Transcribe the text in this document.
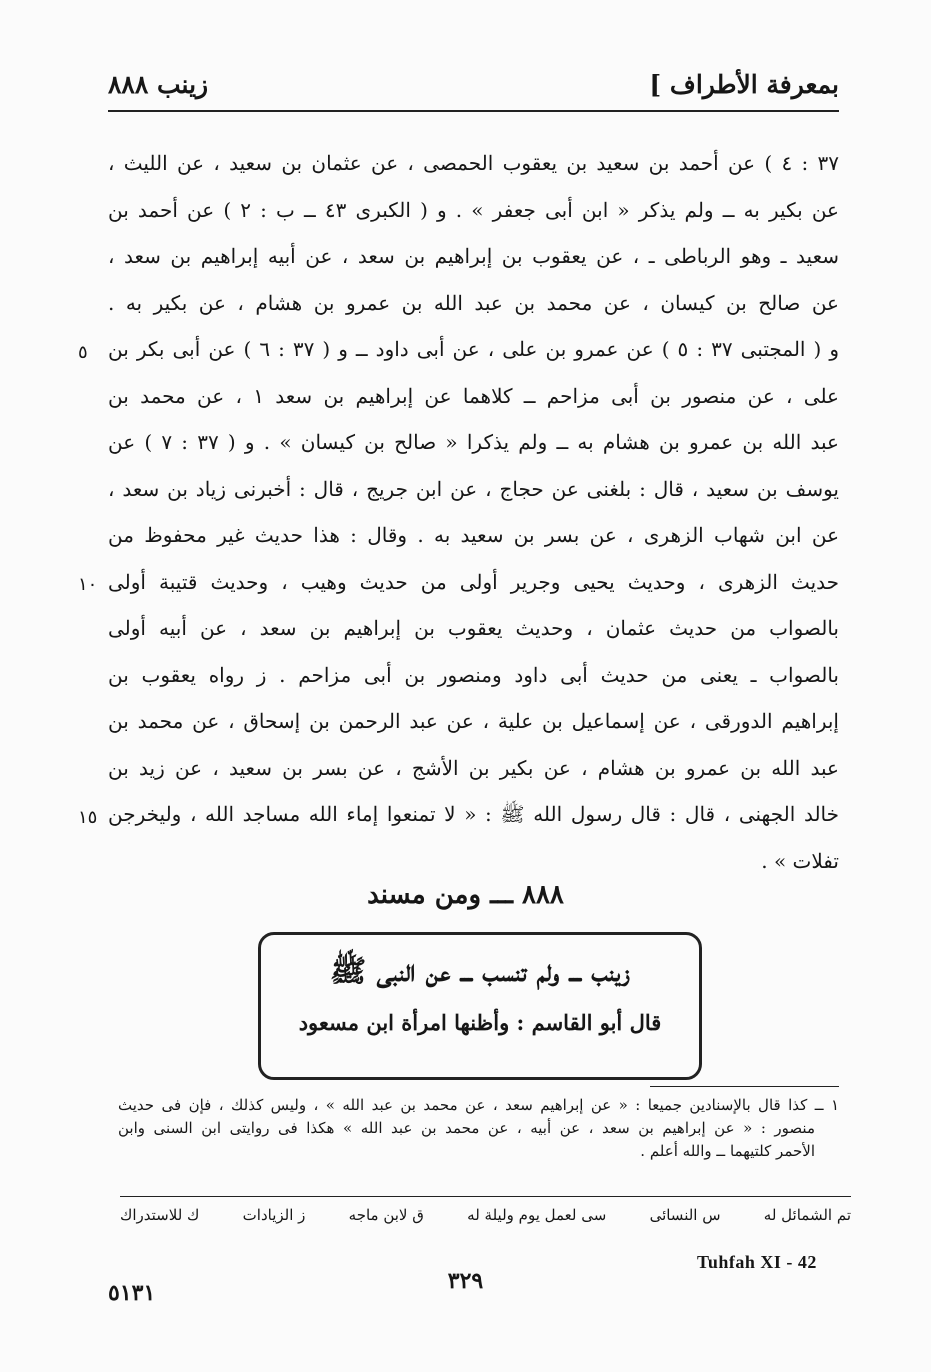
زينب ٨٨٨	بمعرفة الأطراف ]
٣٧ : ٤ ) عن أحمد بن سعيد بن يعقوب الحمصى ، عن عثمان بن سعيد ، عن الليث ،
عن بكير به ــ ولم يذكر « ابن أبى جعفر » . و ( الكبرى ٤٣ ــ ب : ٢ ) عن أحمد بن
سعيد ـ وهو الرباطى ـ ، عن يعقوب بن إبراهيم بن سعد ، عن أبيه إبراهيم بن سعد ،
عن صالح بن كيسان ، عن محمد بن عبد الله بن عمرو بن هشام ، عن بكير به .
و ( المجتبى ٣٧ : ٥ ) عن عمرو بن على ، عن أبى داود ــ و ( ٣٧ : ٦ ) عن أبى بكر بن
على ، عن منصور بن أبى مزاحم ــ كلاهما عن إبراهيم بن سعد ١ ، عن محمد بن
عبد الله بن عمرو بن هشام به ــ ولم يذكرا « صالح بن كيسان » . و ( ٣٧ : ٧ ) عن
يوسف بن سعيد ، قال : بلغنى عن حجاج ، عن ابن جريج ، قال : أخبرنى زياد بن سعد ،
عن ابن شهاب الزهرى ، عن بسر بن سعيد به . وقال : هذا حديث غير محفوظ من
حديث الزهرى ، وحديث يحيى وجرير أولى من حديث وهيب ، وحديث قتيبة أولى
بالصواب من حديث عثمان ، وحديث يعقوب بن إبراهيم بن سعد ، عن أبيه أولى
بالصواب ـ يعنى من حديث أبى داود ومنصور بن أبى مزاحم . ز رواه يعقوب بن
إبراهيم الدورقى ، عن إسماعيل بن علية ، عن عبد الرحمن بن إسحاق ، عن محمد بن
عبد الله بن عمرو بن هشام ، عن بكير بن الأشج ، عن بسر بن سعيد ، عن زيد بن
خالد الجهنى ، قال : قال رسول الله ﷺ : « لا تمنعوا إماء الله مساجد الله ، وليخرجن
تفلات » .
٥
١٠
١٥
٨٨٨ ـــ ومن مسند
زينب ـــ ولم تنسب ـــ عن النبى ﷺ
قال أبو القاسم : وأظنها امرأة ابن مسعود
١ ــ كذا قال بالإسنادين جميعا : « عن إبراهيم سعد ، عن محمد بن عبد الله » ، وليس كذلك ، فإن فى حديث
منصور : « عن إبراهيم بن سعد ، عن أبيه ، عن محمد بن عبد الله » هكذا فى روايتى ابن السنى وابن
الأحمر كلتيهما ــ والله أعلم .
تم الشمائل له
س النسائى
سى لعمل يوم وليلة له
ق لابن ماجه
ز الزيادات
ك للاستدراك
Tuhfah XI - 42
٣٢٩
٥١٣١
